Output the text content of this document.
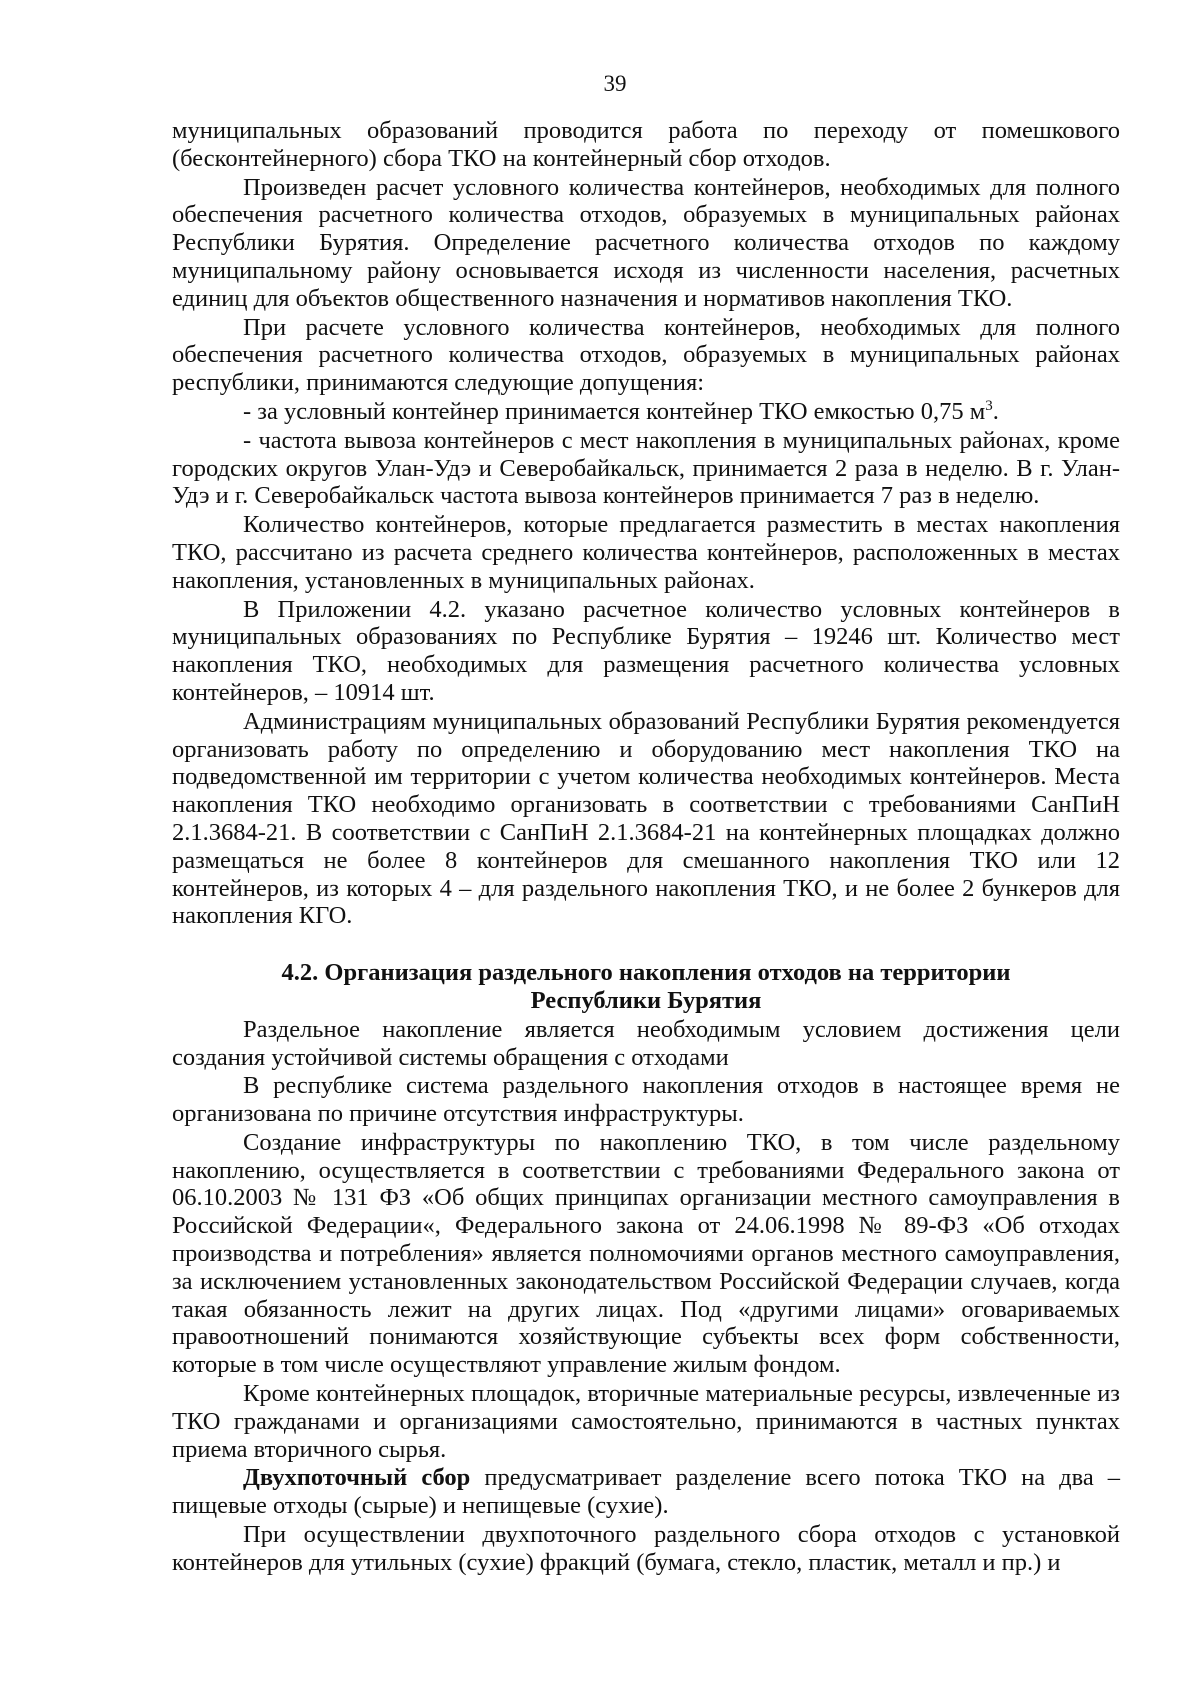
39

муниципальных образований проводится работа по переходу от помешкового (бесконтейнерного) сбора ТКО на контейнерный сбор отходов.

Произведен расчет условного количества контейнеров, необходимых для полного обеспечения расчетного количества отходов, образуемых в муниципальных районах Республики Бурятия. Определение расчетного количества отходов по каждому муниципальному району основывается исходя из численности населения, расчетных единиц для объектов общественного назначения и нормативов накопления ТКО.

При расчете условного количества контейнеров, необходимых для полного обеспечения расчетного количества отходов, образуемых в муниципальных районах республики, принимаются следующие допущения:

- за условный контейнер принимается контейнер ТКО емкостью 0,75 $м^3$.

- частота вывоза контейнеров с мест накопления в муниципальных районах, кроме городских округов Улан-Удэ и Северобайкальск, принимается 2 раза в неделю. В г. Улан-Удэ и г. Северобайкальск частота вывоза контейнеров принимается 7 раз в неделю.

Количество контейнеров, которые предлагается разместить в местах накопления ТКО, рассчитано из расчета среднего количества контейнеров, расположенных в местах накопления, установленных в муниципальных районах.

В Приложении 4.2. указано расчетное количество условных контейнеров в муниципальных образованиях по Республике Бурятия – 19246 шт. Количество мест накопления ТКО, необходимых для размещения расчетного количества условных контейнеров, – 10914 шт.

Администрациям муниципальных образований Республики Бурятия рекомендуется организовать работу по определению и оборудованию мест накопления ТКО на подведомственной им территории с учетом количества необходимых контейнеров. Места накопления ТКО необходимо организовать в соответствии с требованиями СанПиН 2.1.3684-21. В соответствии с СанПиН 2.1.3684-21 на контейнерных площадках должно размещаться не более 8 контейнеров для смешанного накопления ТКО или 12 контейнеров, из которых 4 – для раздельного накопления ТКО, и не более 2 бункеров для накопления КГО.

4.2. Организация раздельного накопления отходов на территории
Республики Бурятия

Раздельное накопление является необходимым условием достижения цели создания устойчивой системы обращения с отходами

В республике система раздельного накопления отходов в настоящее время не организована по причине отсутствия инфраструктуры.

Создание инфраструктуры по накоплению ТКО, в том числе раздельному накоплению, осуществляется в соответствии с требованиями Федерального закона от 06.10.2003 № 131 ФЗ «Об общих принципах организации местного самоуправления в Российской Федерации«, Федерального закона от 24.06.1998 № 89-ФЗ «Об отходах производства и потребления» является полномочиями органов местного самоуправления, за исключением установленных законодательством Российской Федерации случаев, когда такая обязанность лежит на других лицах. Под «другими лицами» оговариваемых правоотношений понимаются хозяйствующие субъекты всех форм собственности, которые в том числе осуществляют управление жилым фондом.

Кроме контейнерных площадок, вторичные материальные ресурсы, извлеченные из ТКО гражданами и организациями самостоятельно, принимаются в частных пунктах приема вторичного сырья.

Двухпоточный сбор предусматривает разделение всего потока ТКО на два – пищевые отходы (сырые) и непищевые (сухие).

При осуществлении двухпоточного раздельного сбора отходов с установкой контейнеров для утильных (сухие) фракций (бумага, стекло, пластик, металл и пр.) и
